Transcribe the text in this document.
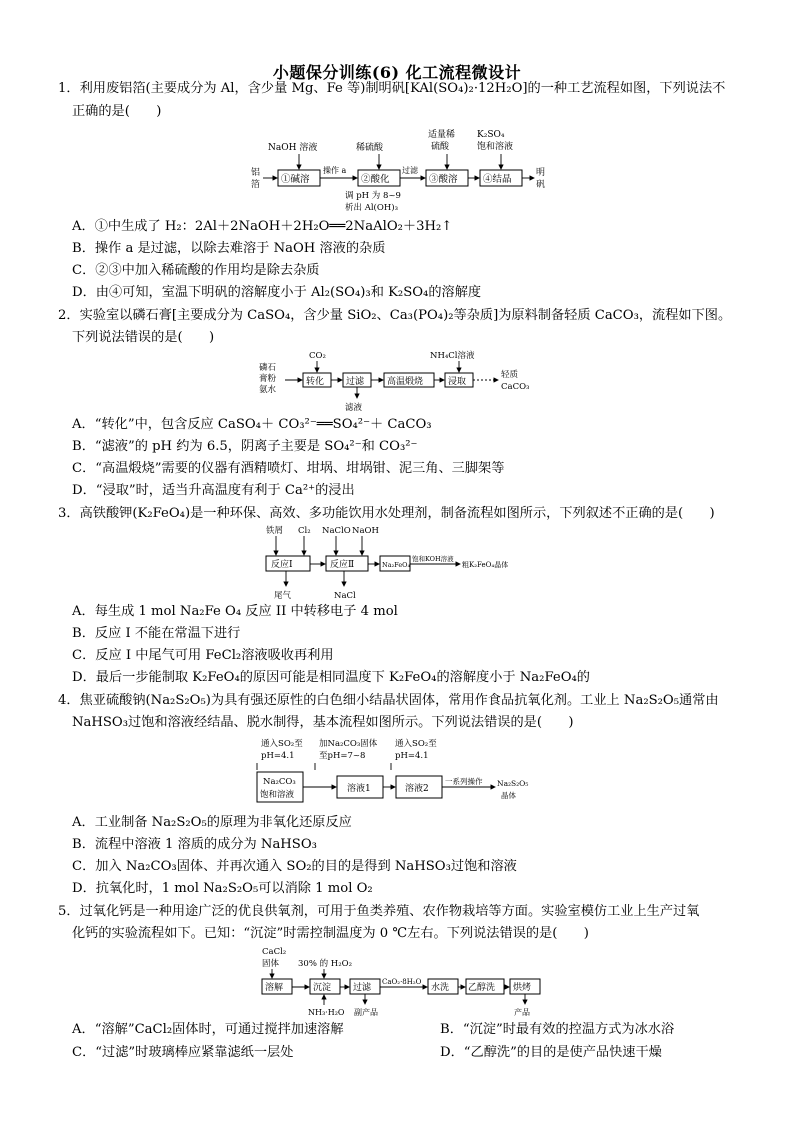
小题保分训练(6) 化工流程微设计
1．利用废铝箔(主要成分为 Al，含少量 Mg、Fe 等)制明矾[KAl(SO₄)₂·12H₂O]的一种工艺流程如图，下列说法不
正确的是(　　)
铝
箔 ①碱溶
NaOH 溶液
操作 a
②酸化
稀硫酸
调 pH 为 8~9
析出 Al(OH)₃
过滤
③酸溶
适量稀
硫酸
④结晶
K₂SO₄
饱和溶液
明
矾
A．①中生成了 H₂：2Al＋2NaOH＋2H₂O══2NaAlO₂＋3H₂↑
B．操作 a 是过滤，以除去难溶于 NaOH 溶液的杂质
C．②③中加入稀硫酸的作用均是除去杂质
D．由④可知，室温下明矾的溶解度小于 Al₂(SO₄)₃和 K₂SO₄的溶解度
2．实验室以磷石膏[主要成分为 CaSO₄，含少量 SiO₂、Ca₃(PO₄)₂等杂质]为原料制备轻质 CaCO₃，流程如下图。
下列说法错误的是(　　)
磷石
膏粉
氨水
转化
CO₂
过滤
滤液
高温煅烧	浸取
NH₄Cl溶液
轻质
CaCO₃
A．“转化”中，包含反应 CaSO₄＋ CO₃²⁻══SO₄²⁻＋ CaCO₃
B．“滤液”的 pH 约为 6.5，阴离子主要是 SO₄²⁻和 CO₃²⁻
C．“高温煅烧”需要的仪器有酒精喷灯、坩埚、坩埚钳、泥三角、三脚架等
D．“浸取”时，适当升高温度有利于 Ca²⁺的浸出
3．高铁酸钾(K₂FeO₄)是一种环保、高效、多功能饮用水处理剂，制备流程如图所示，下列叙述不正确的是(　　)
铁屑 Cl₂ NaClO NaOH
反应Ⅰ	反应Ⅱ	Na₂FeO₄
饱和KOH溶液
粗K₂FeO₄晶体
尾气	NaCl
A．每生成 1 mol Na₂Fe O₄ 反应 II 中转移电子 4 mol
B．反应 I 不能在常温下进行
C．反应 I 中尾气可用 FeCl₂溶液吸收再利用
D．最后一步能制取 K₂FeO₄的原因可能是相同温度下 K₂FeO₄的溶解度小于 Na₂FeO₄的
4．焦亚硫酸钠(Na₂S₂O₅)为具有强还原性的白色细小结晶状固体，常用作食品抗氧化剂。工业上 Na₂S₂O₅通常由
NaHSO₃过饱和溶液经结晶、脱水制得，基本流程如图所示。下列说法错误的是(　　)
通入SO₂至
pH=4.1
加Na₂CO₃固体
至pH=7~8
通入SO₂至
pH=4.1
Na₂CO₃
饱和溶液
溶液1	溶液2
一系列操作 Na₂S₂O₅
晶体
A．工业制备 Na₂S₂O₅的原理为非氧化还原反应
B．流程中溶液 1 溶质的成分为 NaHSO₃
C．加入 Na₂CO₃固体、并再次通入 SO₂的目的是得到 NaHSO₃过饱和溶液
D．抗氧化时，1 mol Na₂S₂O₅可以消除 1 mol O₂
5．过氧化钙是一种用途广泛的优良供氧剂，可用于鱼类养殖、农作物栽培等方面。实验室模仿工业上生产过氧
化钙的实验流程如下。已知：“沉淀”时需控制温度为 0 ℃左右。下列说法错误的是(　　)
CaCl₂
固体 30% 的 H₂O₂
溶解	沉淀
NH₃·H₂O
过滤
副产品
CaO₂·8H₂O
水洗 乙醇洗 烘烤
产品
A．“溶解”CaCl₂固体时，可通过搅拌加速溶解	B．“沉淀”时最有效的控温方式为冰水浴
C．“过滤”时玻璃棒应紧靠滤纸一层处	D．“乙醇洗”的目的是使产品快速干燥
